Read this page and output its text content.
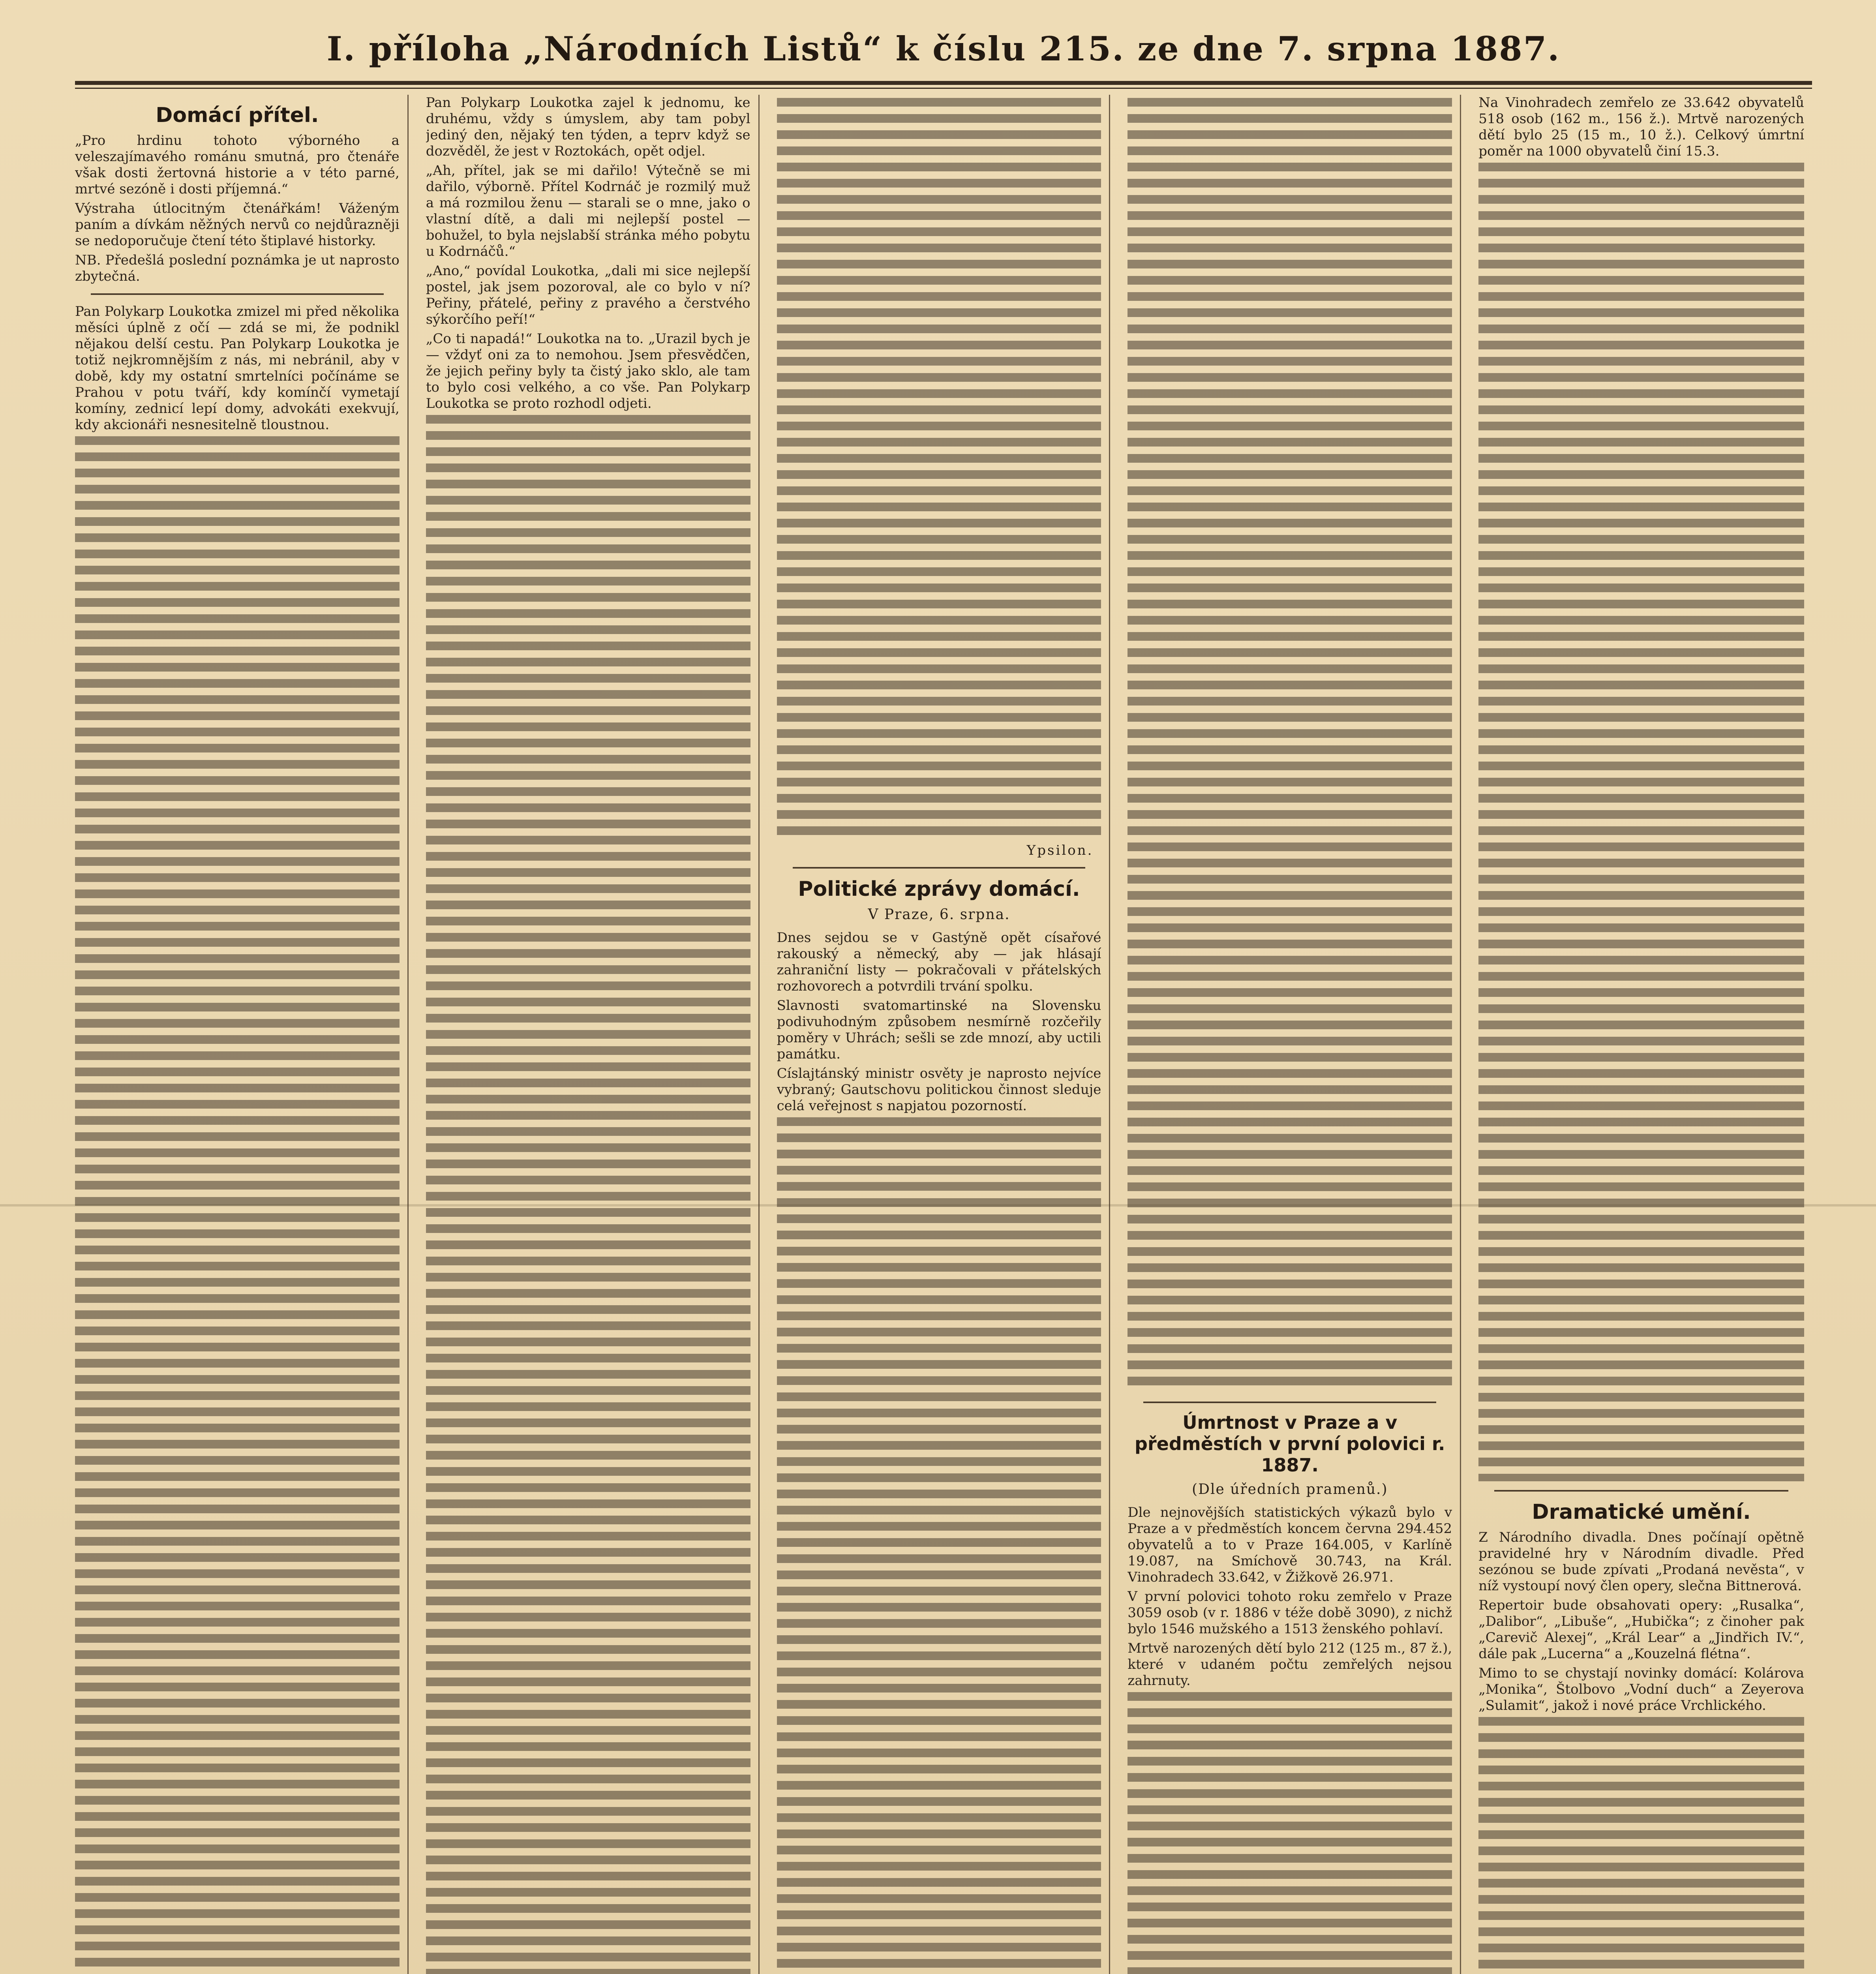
I. příloha „Národních Listů“ k číslu 215. ze dne 7. srpna 1887.
Domácí přítel.

„Pro hrdinu tohoto výborného a veleszajímavého románu smutná, pro čtenáře však dosti žertovná historie a v této parné, mrtvé sezóně i dosti příjemná.“

Výstraha útlocitným čtenářkám! Váženým paním a dívkám něžných nervů co nejdůrazněji se nedoporučuje čtení této štiplavé historky.

NB. Předešlá poslední poznámka je ut naprosto zbytečná.

Pan Polykarp Loukotka zmizel mi před několika měsíci úplně z očí — zdá se mi, že podnikl nějakou delší cestu. Pan Polykarp Loukotka je totiž nejkromnějším z nás, mi nebránil, aby v době, kdy my ostatní smrtelníci počínáme se Prahou v potu tváří, kdy komínčí vymetají komíny, zednicí lepí domy, advokáti exekvují, kdy akcionáři nesnesitelně tloustnou.

Pan Polykarp Loukotka zajel k jednomu, ke druhému, vždy s úmyslem, aby tam pobyl jediný den, nějaký ten týden, a teprv když se dozvěděl, že jest v Roztokách, opět odjel.

„Ah, přítel, jak se mi dařilo! Výtečně se mi dařilo, výborně. Přítel Kodrnáč je rozmilý muž a má rozmilou ženu — starali se o mne, jako o vlastní dítě, a dali mi nejlepší postel — bohužel, to byla nejslabší stránka mého pobytu u Kodrnáčů.“

„Ano,“ povídal Loukotka, „dali mi sice nejlepší postel, jak jsem pozoroval, ale co bylo v ní? Peřiny, přátelé, peřiny z pravého a čerstvého sýkorčího peří!“

„Co ti napadá!“ Loukotka na to. „Urazil bych je — vždyť oni za to nemohou. Jsem přesvědčen, že jejich peřiny byly ta čistý jako sklo, ale tam to bylo cosi velkého, a co vše. Pan Polykarp Loukotka se proto rozhodl odjeti.

Ypsilon.
Politické zprávy domácí.
V Praze, 6. srpna.

Dnes sejdou se v Gastýně opět císařové rakouský a německý, aby — jak hlásají zahraniční listy — pokračovali v přátelských rozhovorech a potvrdili trvání spolku.

Slavnosti svatomartinské na Slovensku podivuhodným způsobem nesmírně rozčeřily poměry v Uhrách; sešli se zde mnozí, aby uctili památku.

Císlajtánský ministr osvěty je naprosto nejvíce vybraný; Gautschovu politickou činnost sleduje celá veřejnost s napjatou pozorností.

Úmrtnost v Praze a v předměstích v první polovici r. 1887.
(Dle úředních pramenů.)

Dle nejnovějších statistických výkazů bylo v Praze a v předměstích koncem června 294.452 obyvatelů a to v Praze 164.005, v Karlíně 19.087, na Smíchově 30.743, na Král. Vinohradech 33.642, v Žižkově 26.971.

V první polovici tohoto roku zemřelo v Praze 3059 osob (v r. 1886 v téže době 3090), z nichž bylo 1546 mužského a 1513 ženského pohlaví.

Mrtvě narozených dětí bylo 212 (125 m., 87 ž.), které v udaném počtu zemřelých nejsou zahrnuty.

Na Vinohradech zemřelo ze 33.642 obyvatelů 518 osob (162 m., 156 ž.). Mrtvě narozených dětí bylo 25 (15 m., 10 ž.). Celkový úmrtní poměr na 1000 obyvatelů činí 15.3.

Dramatické umění.

Z Národního divadla. Dnes počínají opětně pravidelné hry v Národním divadle. Před sezónou se bude zpívati „Prodaná nevěsta“, v níž vystoupí nový člen opery, slečna Bittnerová.

Repertoir bude obsahovati opery: „Rusalka“, „Dalibor“, „Libuše“, „Hubička“; z činoher pak „Carevič Alexej“, „Král Lear“ a „Jindřich IV.“, dále pak „Lucerna“ a „Kouzelná flétna“.

Mimo to se chystají novinky domácí: Kolárova „Monika“, Štolbovo „Vodní duch“ a Zeyerova „Sulamit“, jakož i nové práce Vrchlického.
